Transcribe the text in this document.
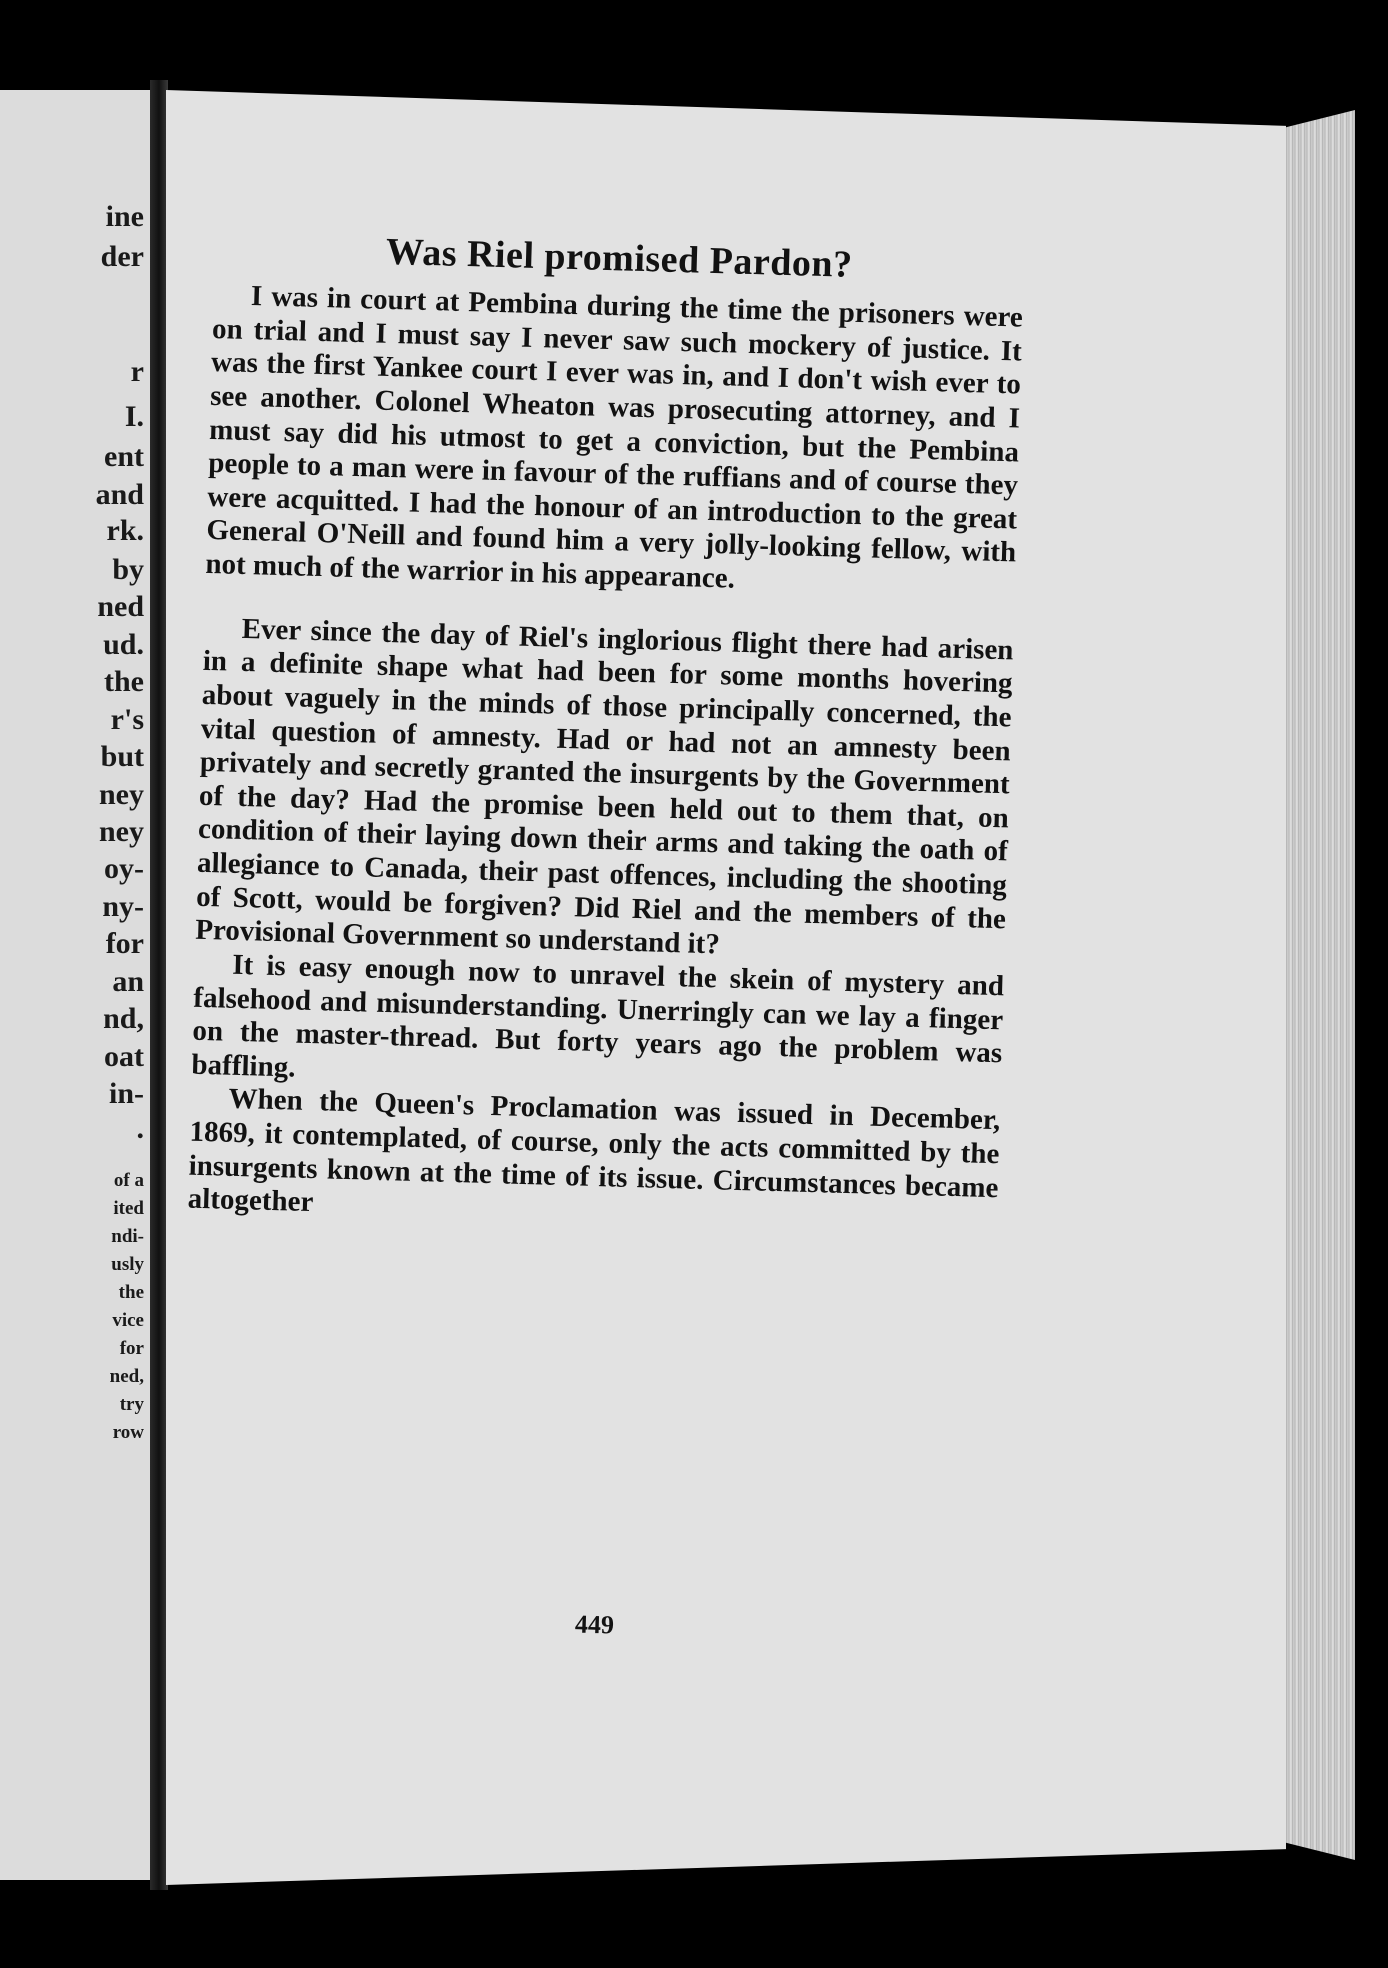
ine
der
r
I.
ent
and
rk.
by
ned
ud.
the
r's
but
ney
ney
oy-
ny-
for
an
nd,
oat
in-
.
of a
ited
ndi-
usly
the
vice
for
ned,
try
row
Was Riel promised Pardon?

I was in court at Pembina during the time the prisoners were on trial and I must say I never saw such mockery of justice. It was the first Yankee court I ever was in, and I don't wish ever to see another. Colonel Wheaton was prosecuting attorney, and I must say did his utmost to get a conviction, but the Pembina people to a man were in favour of the ruffians and of course they were acquitted. I had the honour of an introduction to the great General O'Neill and found him a very jolly-looking fellow, with not much of the warrior in his appearance.

Ever since the day of Riel's inglorious flight there had arisen in a definite shape what had been for some months hovering about vaguely in the minds of those principally concerned, the vital question of amnesty. Had or had not an amnesty been privately and secretly granted the insurgents by the Government of the day? Had the promise been held out to them that, on condition of their laying down their arms and taking the oath of allegiance to Canada, their past offences, including the shooting of Scott, would be forgiven? Did Riel and the members of the Provisional Government so understand it?

It is easy enough now to unravel the skein of mystery and falsehood and misunderstanding. Unerringly can we lay a finger on the master-thread. But forty years ago the problem was baffling.

When the Queen's Proclamation was issued in December, 1869, it contemplated, of course, only the acts committed by the insurgents known at the time of its issue. Circumstances became altogether

449
